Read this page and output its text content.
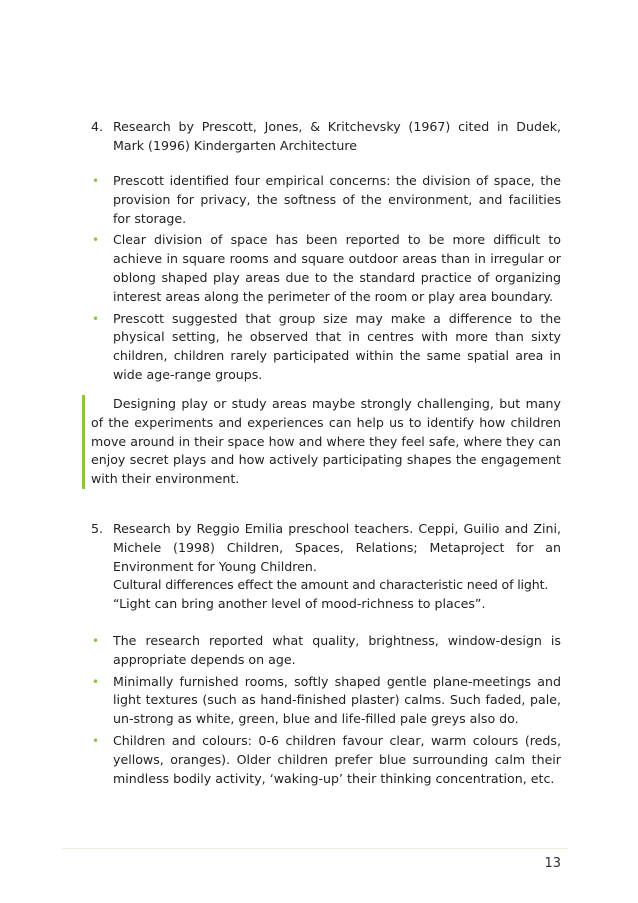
4. Research by Prescott, Jones, & Kritchevsky (1967) cited in Dudek, Mark (1996) Kindergarten Architecture
• Prescott identified four empirical concerns: the division of space, the provision for privacy, the softness of the environment, and facilities for storage.
• Clear division of space has been reported to be more difficult to achieve in square rooms and square outdoor areas than in irregular or oblong shaped play areas due to the standard practice of organizing interest areas along the perimeter of the room or play area boundary.
• Prescott suggested that group size may make a difference to the physical setting, he observed that in centres with more than sixty children, children rarely participated within the same spatial area in wide age-range groups.
Designing play or study areas maybe strongly challenging, but many of the experiments and experiences can help us to identify how children move around in their space how and where they feel safe, where they can enjoy secret plays and how actively participating shapes the engagement with their environment.
5. Research by Reggio Emilia preschool teachers. Ceppi, Guilio and Zini, Michele (1998) Children, Spaces, Relations; Metaproject for an Environment for Young Children.
Cultural differences effect the amount and characteristic need of light.
“Light can bring another level of mood-richness to places”.
• The research reported what quality, brightness, window-design is appropriate depends on age.
• Minimally furnished rooms, softly shaped gentle plane-meetings and light textures (such as hand-finished plaster) calms. Such faded, pale, un-strong as white, green, blue and life-filled pale greys also do.
• Children and colours: 0-6 children favour clear, warm colours (reds, yellows, oranges). Older children prefer blue surrounding calm their mindless bodily activity, ‘waking-up’ their thinking concentration, etc.
13
